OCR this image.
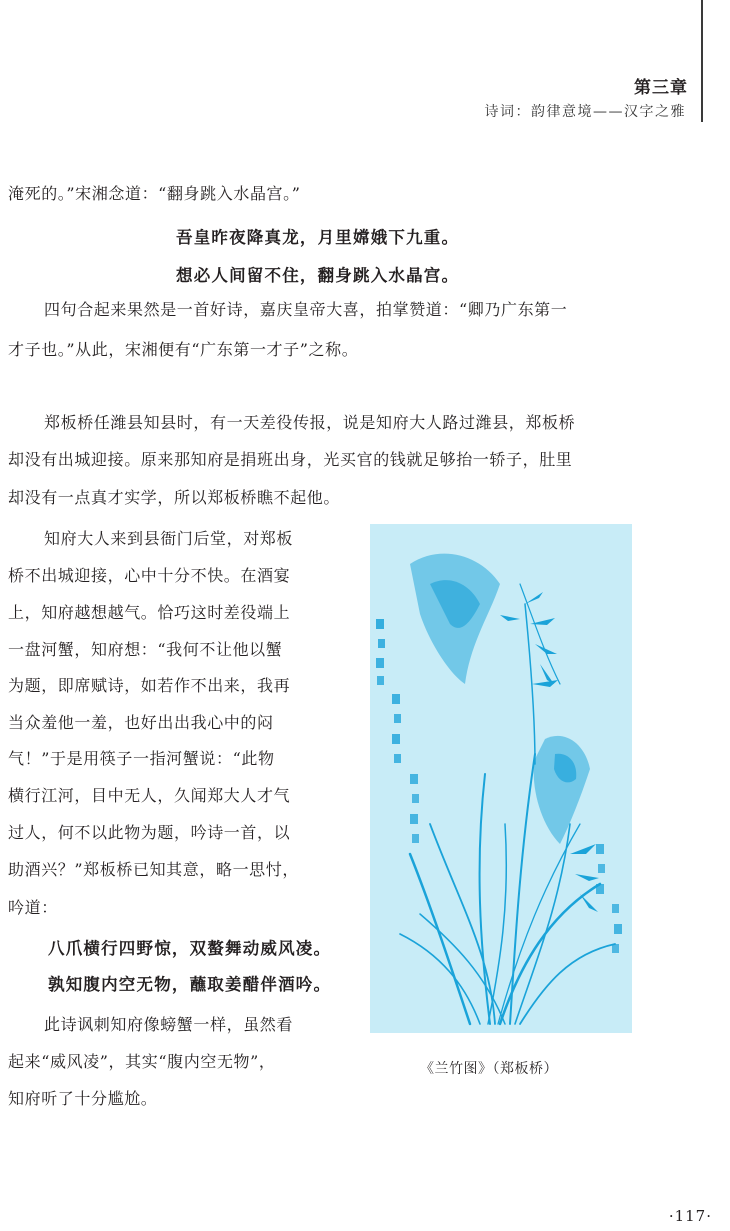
第三章
诗词：韵律意境——汉字之雅
淹死的。”宋湘念道：“翻身跳入水晶宫。”
吾皇昨夜降真龙，月里嫦娥下九重。
想必人间留不住，翻身跳入水晶宫。
四句合起来果然是一首好诗，嘉庆皇帝大喜，拍掌赞道：“卿乃广东第一
才子也。”从此，宋湘便有“广东第一才子”之称。
郑板桥任潍县知县时，有一天差役传报，说是知府大人路过潍县，郑板桥
却没有出城迎接。原来那知府是捐班出身，光买官的钱就足够抬一轿子，肚里
却没有一点真才实学，所以郑板桥瞧不起他。
知府大人来到县衙门后堂，对郑板
桥不出城迎接，心中十分不快。在酒宴
上，知府越想越气。恰巧这时差役端上
一盘河蟹，知府想：“我何不让他以蟹
为题，即席赋诗，如若作不出来，我再
当众羞他一羞，也好出出我心中的闷
气！”于是用筷子一指河蟹说：“此物
横行江河，目中无人，久闻郑大人才气
过人，何不以此物为题，吟诗一首，以
助酒兴？”郑板桥已知其意，略一思忖，
吟道：
八爪横行四野惊，双螯舞动威风凌。
孰知腹内空无物，蘸取姜醋伴酒吟。
此诗讽刺知府像螃蟹一样，虽然看
起来“威风凌”，其实“腹内空无物”，
知府听了十分尴尬。
《兰竹图》（郑板桥）
·117·
